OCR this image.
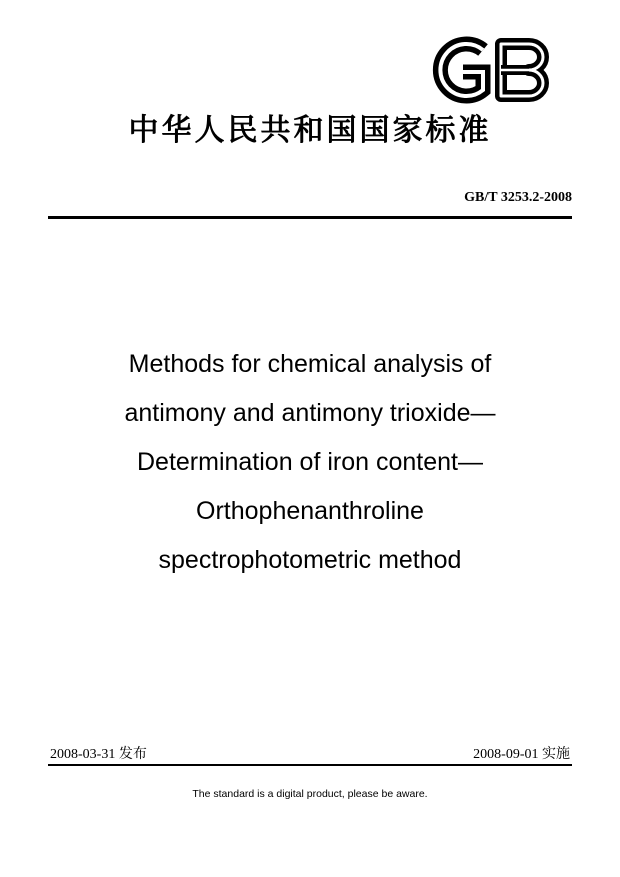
中华人民共和国国家标准
GB/T 3253.2-2008
Methods for chemical analysis of
antimony and antimony trioxide—
Determination of iron content—
Orthophenanthroline
spectrophotometric method
2008-03-31 发布	2008-09-01 实施
The standard is a digital product, please be aware.
